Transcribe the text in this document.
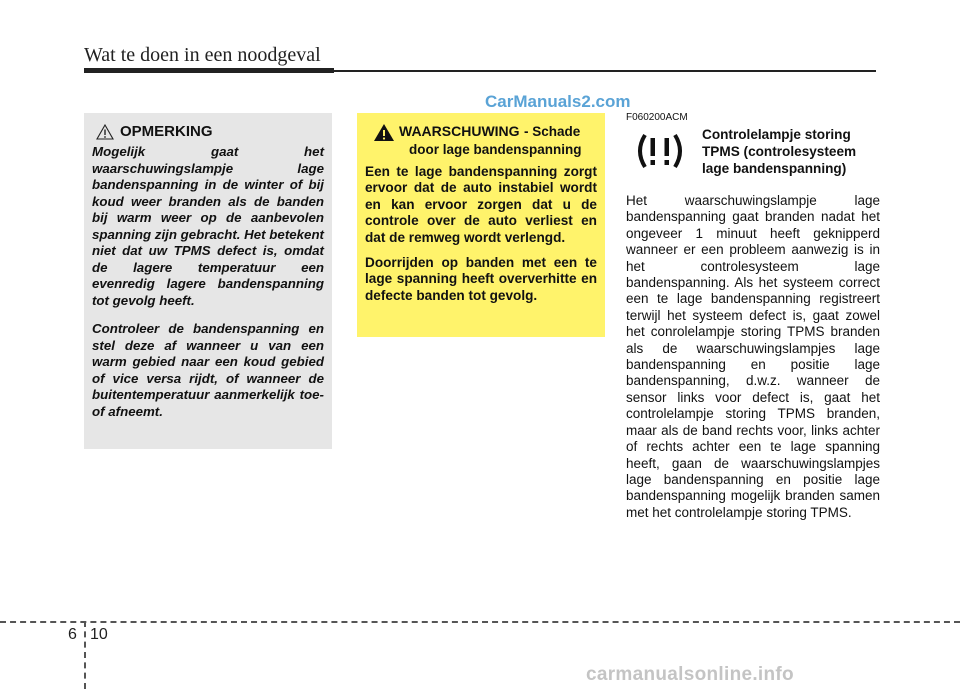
Wat te doen in een noodgeval
CarManuals2.com
OPMERKING

Mogelijk gaat het waarschuwingslampje lage bandenspanning in de winter of bij koud weer branden als de banden bij warm weer op de aanbevolen spanning zijn gebracht. Het betekent niet dat uw TPMS defect is, omdat de lagere temperatuur een evenredig lagere bandenspanning tot gevolg heeft.

Controleer de bandenspanning en stel deze af wanneer u van een warm gebied naar een koud gebied of vice versa rijdt, of wanneer de buitentemperatuur aanmerkelijk toe- of afneemt.

WAARSCHUWING - Schade
door lage bandenspanning

Een te lage bandenspanning zorgt ervoor dat de auto instabiel wordt en kan ervoor zorgen dat u de controle over de auto verliest en dat de remweg wordt verlengd.

Doorrijden op banden met een te lage spanning heeft oververhitte en defecte banden tot gevolg.

F060200ACM
Controlelampje storing TPMS (controlesysteem lage bandenspanning)

Het waarschuwingslampje lage bandenspanning gaat branden nadat het ongeveer 1 minuut heeft geknipperd wanneer er een probleem aanwezig is in het controlesysteem lage bandenspanning. Als het systeem correct een te lage bandenspanning registreert terwijl het systeem defect is, gaat zowel het conrolelampje storing TPMS branden als de waarschuwingslampjes lage bandenspanning en positie lage bandenspanning, d.w.z. wanneer de sensor links voor defect is, gaat het controlelampje storing TPMS branden, maar als de band rechts voor, links achter of rechts achter een te lage spanning heeft, gaan de waarschuwingslampjes lage bandenspanning en positie lage bandenspanning mogelijk branden samen met het controlelampje storing TPMS.

6 10
carmanualsonline.info
